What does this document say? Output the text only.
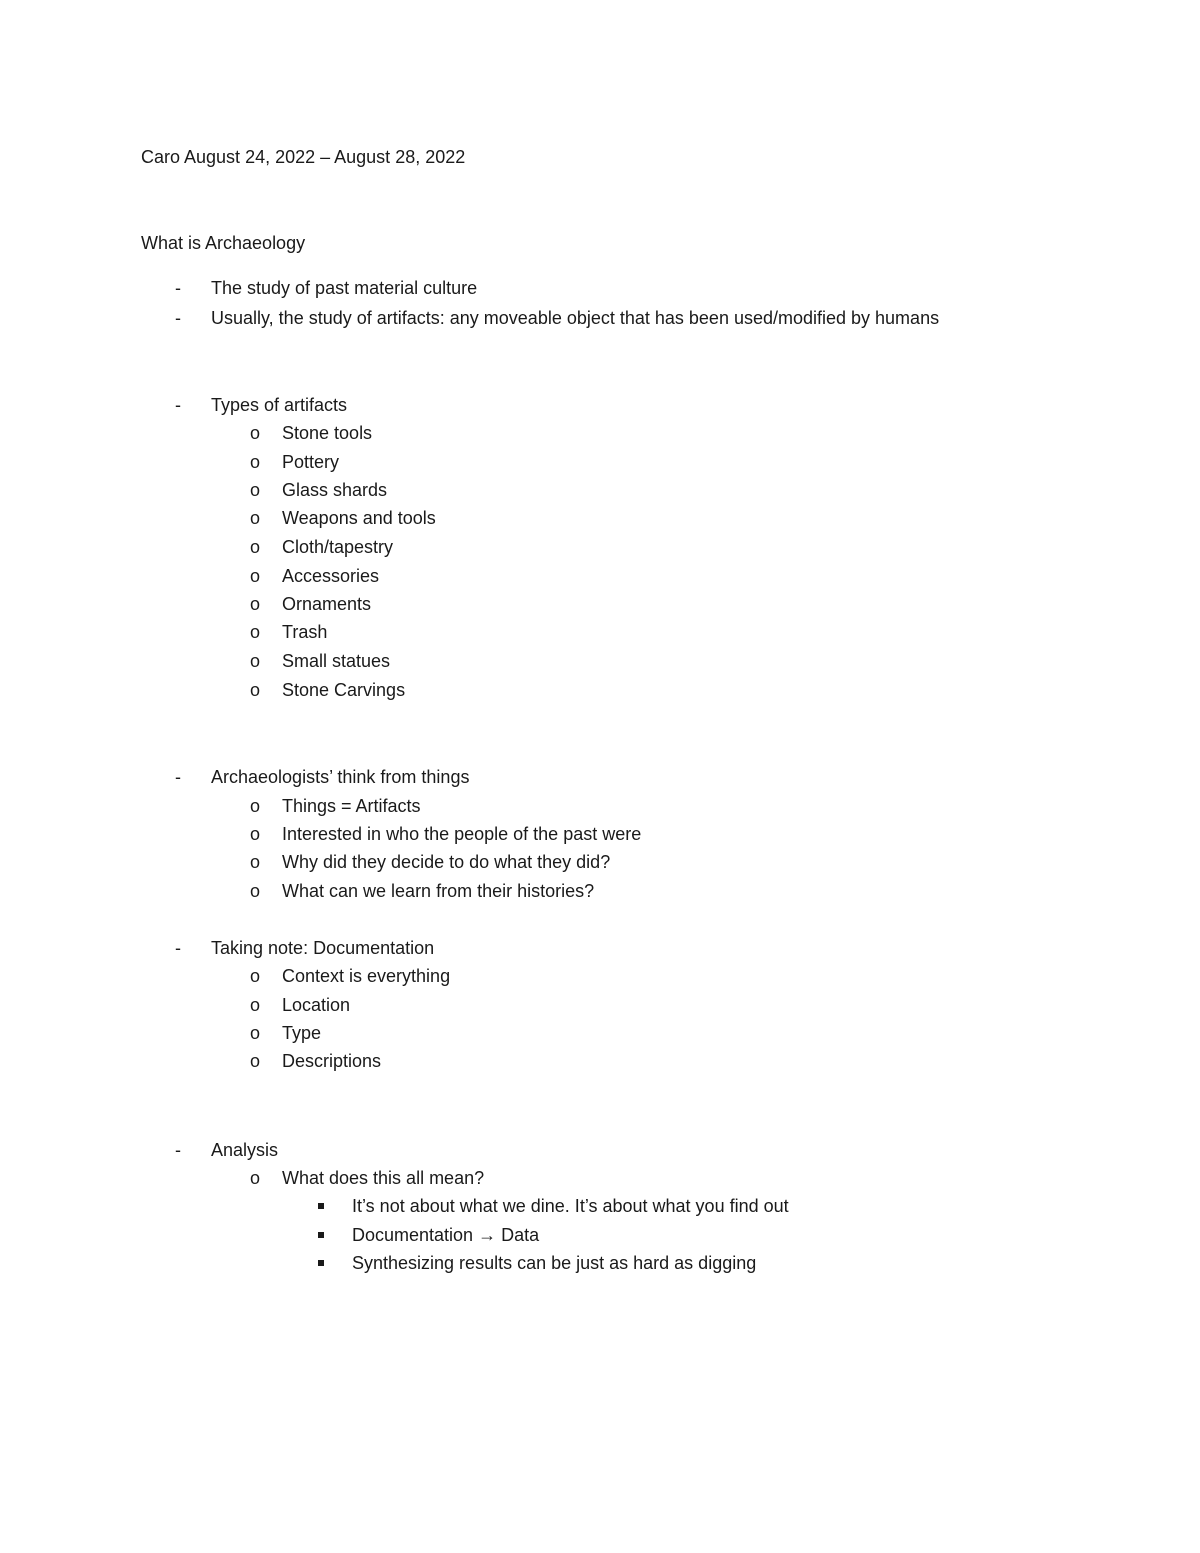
Caro August 24, 2022 – August 28, 2022
What is Archaeology
- The study of past material culture
- Usually, the study of artifacts: any moveable object that has been used/modified by humans
- Types of artifacts
o Stone tools
o Pottery
o Glass shards
o Weapons and tools
o Cloth/tapestry
o Accessories
o Ornaments
o Trash
o Small statues
o Stone Carvings
- Archaeologists’ think from things
o Things = Artifacts
o Interested in who the people of the past were
o Why did they decide to do what they did?
o What can we learn from their histories?
- Taking note: Documentation
o Context is everything
o Location
o Type
o Descriptions
- Analysis
o What does this all mean?
It’s not about what we dine. It’s about what you find out
Documentation → Data
Synthesizing results can be just as hard as digging
